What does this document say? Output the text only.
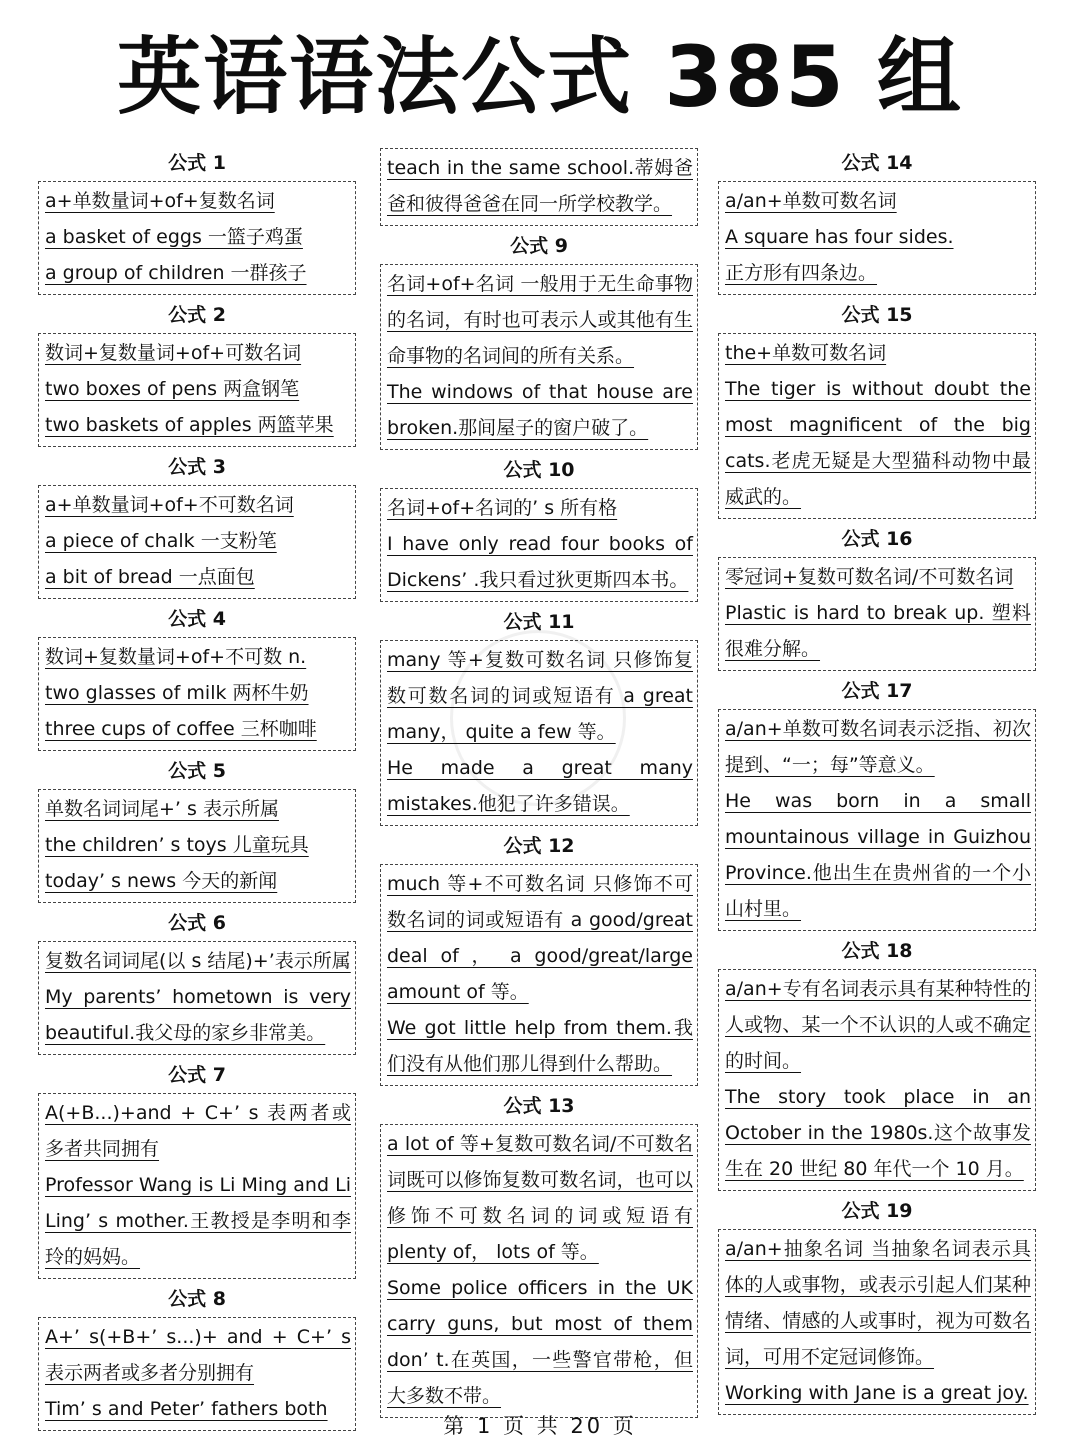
英语语法公式 385 组
公式 1
a+单数量词+of+复数名词
a basket of eggs 一篮子鸡蛋
a group of children 一群孩子
公式 2
数词+复数量词+of+可数名词
two boxes of pens 两盒钢笔
two baskets of apples 两篮苹果
公式 3
a+单数量词+of+不可数名词
a piece of chalk 一支粉笔
a bit of bread 一点面包
公式 4
数词+复数量词+of+不可数 n.
two glasses of milk 两杯牛奶
three cups of coffee 三杯咖啡
公式 5
单数名词词尾+’ s 表示所属
the children’ s toys 儿童玩具
today’ s news 今天的新闻
公式 6
复数名词词尾(以 s 结尾)+’表示所属
My parents’ hometown is very beautiful.我父母的家乡非常美。
公式 7
A(+B...)+and + C+’ s 表两者或多者共同拥有
Professor Wang is Li Ming and Li Ling’ s mother.王教授是李明和李玲的妈妈。
公式 8
A+’ s(+B+’ s...)+ and + C+’ s 表示两者或多者分别拥有
Tim’ s and Peter’ fathers both
teach in the same school.蒂姆爸爸和彼得爸爸在同一所学校教学。
公式 9
名词+of+名词 一般用于无生命事物的名词，有时也可表示人或其他有生命事物的名词间的所有关系。
The windows of that house are broken.那间屋子的窗户破了。
公式 10
名词+of+名词的’ s 所有格
I have only read four books of Dickens’ .我只看过狄更斯四本书。
公式 11
many 等+复数可数名词 只修饰复数可数名词的词或短语有 a great many， quite a few 等。
He made a great many mistakes.他犯了许多错误。
公式 12
much 等+不可数名词 只修饰不可数名词的词或短语有 a good/great deal of ， a good/great/large amount of 等。
We got little help from them.我们没有从他们那儿得到什么帮助。
公式 13
a lot of 等+复数可数名词/不可数名词既可以修饰复数可数名词，也可以修饰不可数名词的词或短语有 plenty of， lots of 等。
Some police officers in the UK carry guns, but most of them don’ t.在英国，一些警官带枪，但大多数不带。
公式 14
a/an+单数可数名词
A square has four sides.
正方形有四条边。
公式 15
the+单数可数名词
The tiger is without doubt the most magnificent of the big cats.老虎无疑是大型猫科动物中最威武的。
公式 16
零冠词+复数可数名词/不可数名词
Plastic is hard to break up. 塑料很难分解。
公式 17
a/an+单数可数名词表示泛指、初次提到、“一；每”等意义。
He was born in a small mountainous village in Guizhou Province.他出生在贵州省的一个小山村里。
公式 18
a/an+专有名词表示具有某种特性的人或物、某一个不认识的人或不确定的时间。
The story took place in an October in the 1980s.这个故事发生在 20 世纪 80 年代一个 10 月。
公式 19
a/an+抽象名词 当抽象名词表示具体的人或事物，或表示引起人们某种情绪、情感的人或事时，视为可数名词，可用不定冠词修饰。
Working with Jane is a great joy.
第 1 页 共 20 页
